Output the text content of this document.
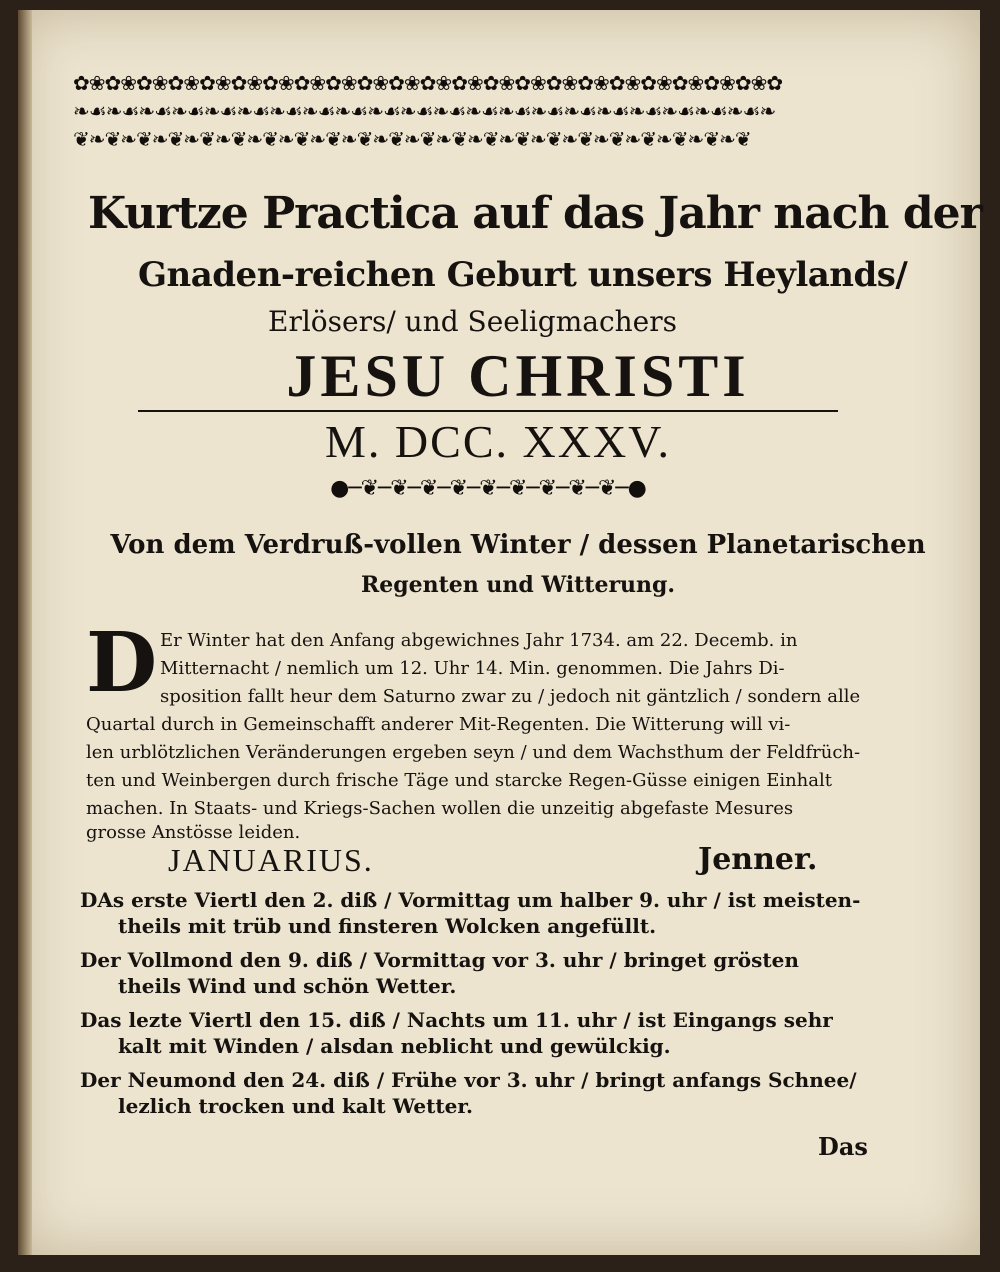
✿❀✿❀✿❀✿❀✿❀✿❀✿❀✿❀✿❀✿❀✿❀✿❀✿❀✿❀✿❀✿❀✿❀✿❀✿❀✿❀✿❀✿❀✿
❧☙❧☙❧☙❧☙❧☙❧☙❧☙❧☙❧☙❧☙❧☙❧☙❧☙❧☙❧☙❧☙❧☙❧☙❧☙❧☙❧☙❧
❦❧❦❧❦❧❦❧❦❧❦❧❦❧❦❧❦❧❦❧❦❧❦❧❦❧❦❧❦❧❦❧❦❧❦❧❦❧❦❧❦❧❦
Kurtze Practica auf das Jahr nach der
Gnaden-reichen Geburt unsers Heylands/
Erlösers/ und Seeligmachers
JESU CHRISTI
M. DCC. XXXV.
●─❦─❦─❦─❦─❦─❦─❦─❦─❦─●
Von dem Verdruß-vollen Winter / dessen Planetarischen
Regenten und Witterung.
D Er Winter hat den Anfang abgewichnes Jahr 1734. am 22. Decemb. in
Mitternacht / nemlich um 12. Uhr 14. Min. genommen. Die Jahrs Di-
sposition fallt heur dem Saturno zwar zu / jedoch nit gäntzlich / sondern alle
Quartal durch in Gemeinschafft anderer Mit-Regenten. Die Witterung will vi-
len urblötzlichen Veränderungen ergeben seyn / und dem Wachsthum der Feldfrüch-
ten und Weinbergen durch frische Täge und starcke Regen-Güsse einigen Einhalt
machen. In Staats- und Kriegs-Sachen wollen die unzeitig abgefaste Mesures
grosse Anstösse leiden.
JANUARIUS.	Jenner.
DAs erste Viertl den 2. diß / Vormittag um halber 9. uhr / ist meisten-
theils mit trüb und finsteren Wolcken angefüllt.
Der Vollmond den 9. diß / Vormittag vor 3. uhr / bringet grösten
theils Wind und schön Wetter.
Das lezte Viertl den 15. diß / Nachts um 11. uhr / ist Eingangs sehr
kalt mit Winden / alsdan neblicht und gewülckig.
Der Neumond den 24. diß / Frühe vor 3. uhr / bringt anfangs Schnee/
lezlich trocken und kalt Wetter.
Das
